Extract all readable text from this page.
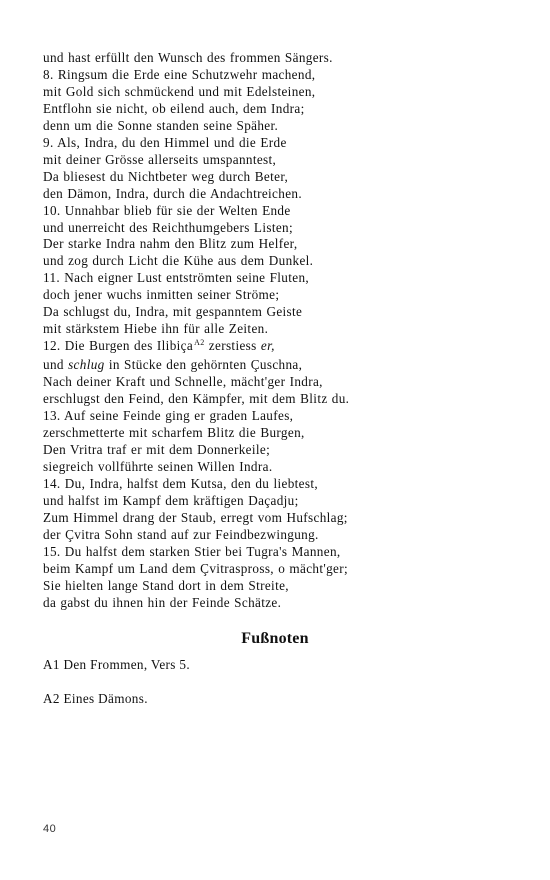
und hast erfüllt den Wunsch des frommen Sängers.
8. Ringsum die Erde eine Schutzwehr machend,
mit Gold sich schmückend und mit Edelsteinen,
Entflohn sie nicht, ob eilend auch, dem Indra;
denn um die Sonne standen seine Späher.
9. Als, Indra, du den Himmel und die Erde
mit deiner Grösse allerseits umspanntest,
Da bliesest du Nichtbeter weg durch Beter,
den Dämon, Indra, durch die Andachtreichen.
10. Unnahbar blieb für sie der Welten Ende
und unerreicht des Reichthumgebers Listen;
Der starke Indra nahm den Blitz zum Helfer,
und zog durch Licht die Kühe aus dem Dunkel.
11. Nach eigner Lust entströmten seine Fluten,
doch jener wuchs inmitten seiner Ströme;
Da schlugst du, Indra, mit gespanntem Geiste
mit stärkstem Hiebe ihn für alle Zeiten.
12. Die Burgen des Ilibiça$^{A2}$ zerstiess er,
und schlug in Stücke den gehörnten Çuschna,
Nach deiner Kraft und Schnelle, mächt'ger Indra,
erschlugst den Feind, den Kämpfer, mit dem Blitz du.
13. Auf seine Feinde ging er graden Laufes,
zerschmetterte mit scharfem Blitz die Burgen,
Den Vritra traf er mit dem Donnerkeile;
siegreich vollführte seinen Willen Indra.
14. Du, Indra, halfst dem Kutsa, den du liebtest,
und halfst im Kampf dem kräftigen Daçadju;
Zum Himmel drang der Staub, erregt vom Hufschlag;
der Çvitra Sohn stand auf zur Feindbezwingung.
15. Du halfst dem starken Stier bei Tugra's Mannen,
beim Kampf um Land dem Çvitraspross, o mächt'ger;
Sie hielten lange Stand dort in dem Streite,
da gabst du ihnen hin der Feinde Schätze.
Fußnoten
A1 Den Frommen, Vers 5.
A2 Eines Dämons.
40
